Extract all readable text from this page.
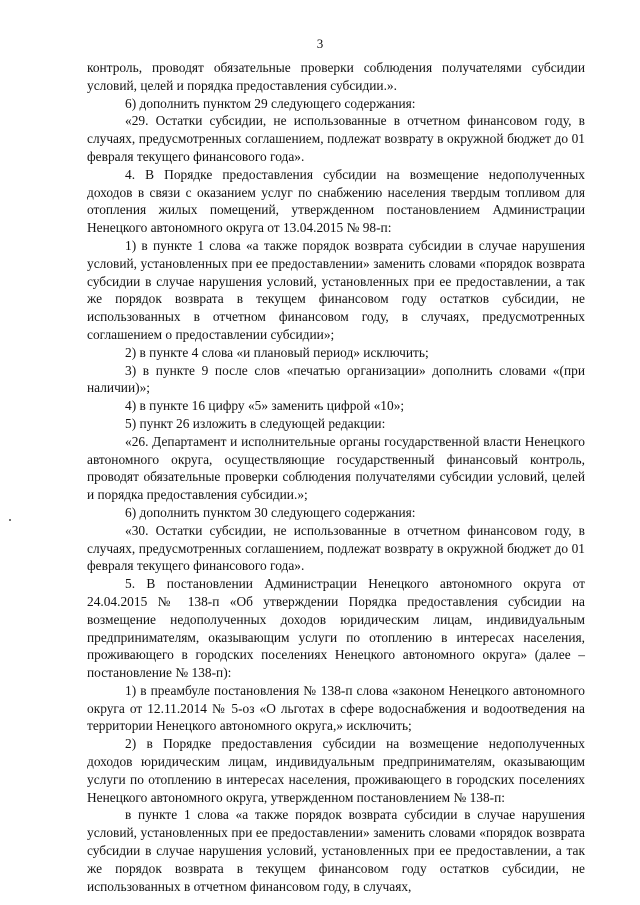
3

контроль, проводят обязательные проверки соблюдения получателями субсидии условий, целей и порядка предоставления субсидии.».

6) дополнить пунктом 29 следующего содержания:

«29. Остатки субсидии, не использованные в отчетном финансовом году, в случаях, предусмотренных соглашением, подлежат возврату в окружной бюджет до 01 февраля текущего финансового года».

4. В Порядке предоставления субсидии на возмещение недополученных доходов в связи с оказанием услуг по снабжению населения твердым топливом для отопления жилых помещений, утвержденном постановлением Администрации Ненецкого автономного округа от 13.04.2015 № 98-п:

1) в пункте 1 слова «а также порядок возврата субсидии в случае нарушения условий, установленных при ее предоставлении» заменить словами «порядок возврата субсидии в случае нарушения условий, установленных при ее предоставлении, а так же порядок возврата в текущем финансовом году остатков субсидии, не использованных в отчетном финансовом году, в случаях, предусмотренных соглашением о предоставлении субсидии»;

2) в пункте 4 слова «и плановый период» исключить;

3) в пункте 9 после слов «печатью организации» дополнить словами «(при наличии)»;

4) в пункте 16 цифру «5» заменить цифрой «10»;

5) пункт 26 изложить в следующей редакции:

«26. Департамент и исполнительные органы государственной власти Ненецкого автономного округа, осуществляющие государственный финансовый контроль, проводят обязательные проверки соблюдения получателями субсидии условий, целей и порядка предоставления субсидии.»;

6) дополнить пунктом 30 следующего содержания:

«30. Остатки субсидии, не использованные в отчетном финансовом году, в случаях, предусмотренных соглашением, подлежат возврату в окружной бюджет до 01 февраля текущего финансового года».

5. В постановлении Администрации Ненецкого автономного округа от 24.04.2015 № 138-п «Об утверждении Порядка предоставления субсидии на возмещение недополученных доходов юридическим лицам, индивидуальным предпринимателям, оказывающим услуги по отоплению в интересах населения, проживающего в городских поселениях Ненецкого автономного округа» (далее – постановление № 138-п):

1) в преамбуле постановления № 138-п слова «законом Ненецкого автономного округа от 12.11.2014 № 5-оз «О льготах в сфере водоснабжения и водоотведения на территории Ненецкого автономного округа,» исключить;

2) в Порядке предоставления субсидии на возмещение недополученных доходов юридическим лицам, индивидуальным предпринимателям, оказывающим услуги по отоплению в интересах населения, проживающего в городских поселениях Ненецкого автономного округа, утвержденном постановлением № 138-п:

в пункте 1 слова «а также порядок возврата субсидии в случае нарушения условий, установленных при ее предоставлении» заменить словами «порядок возврата субсидии в случае нарушения условий, установленных при ее предоставлении, а так же порядок возврата в текущем финансовом году остатков субсидии, не использованных в отчетном финансовом году, в случаях,
